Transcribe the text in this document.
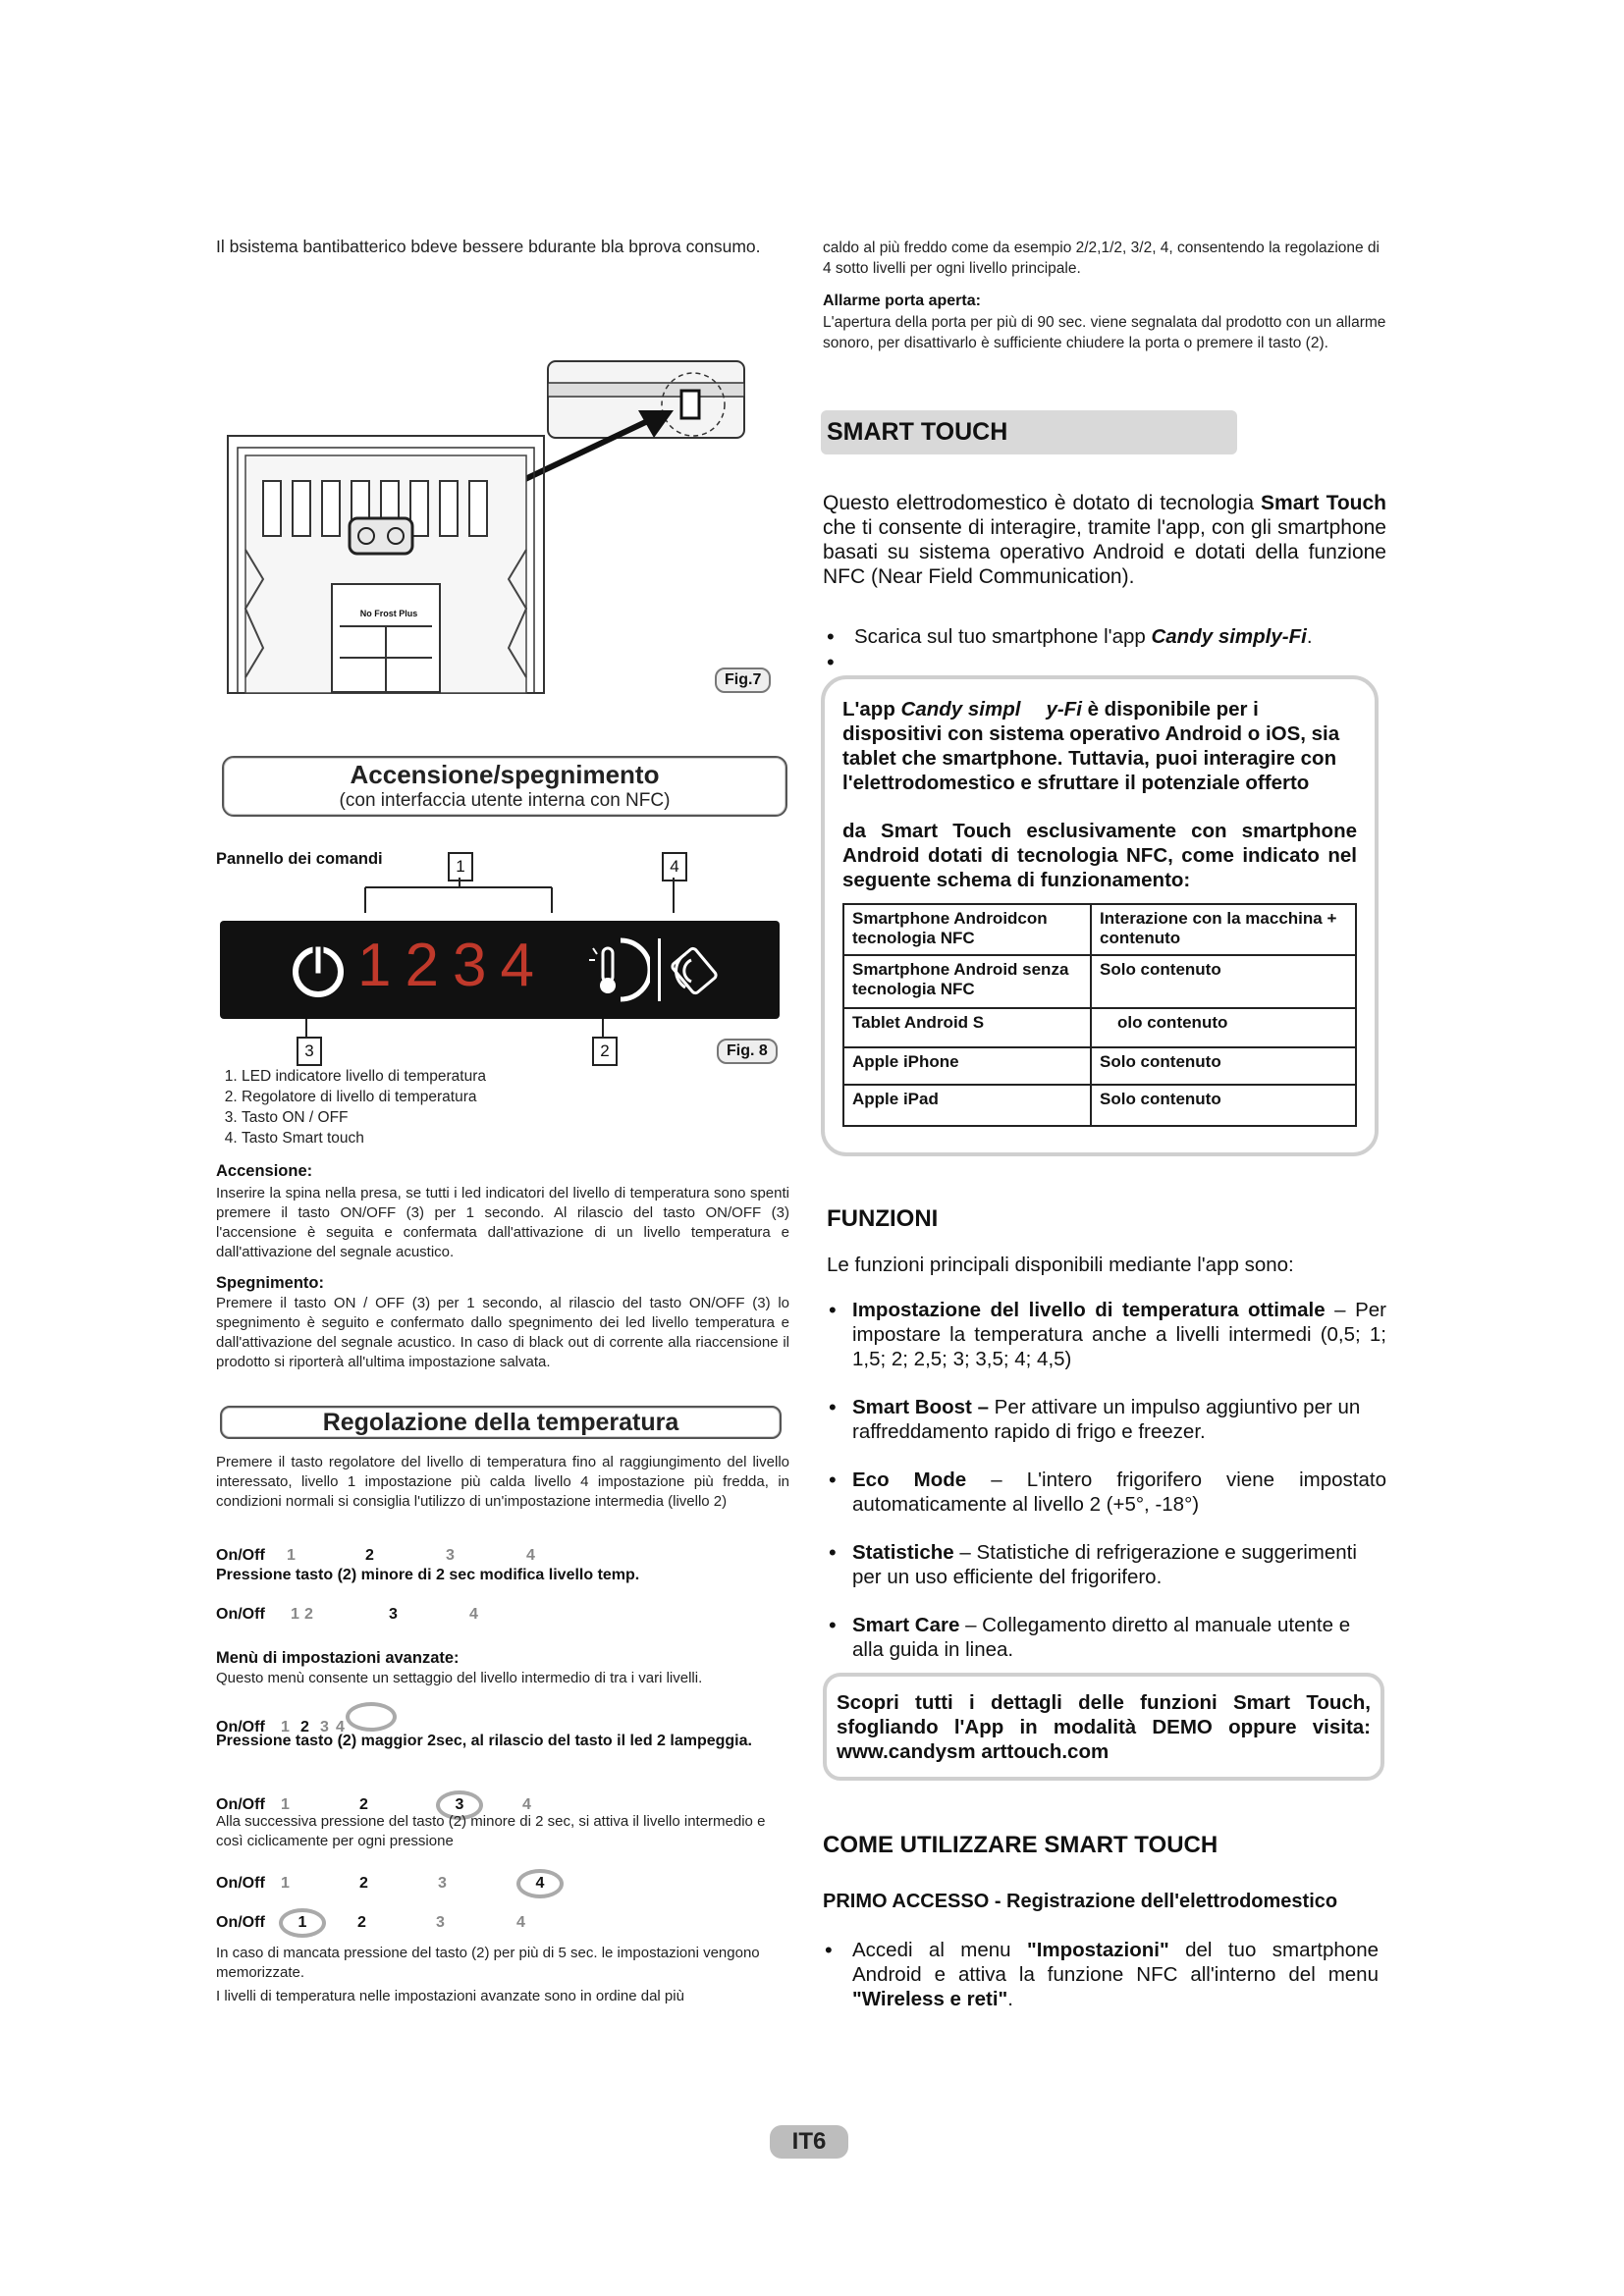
Il bsistema bantibatterico bdeve bessere bdurante bla bprova consumo.
No Frost Plus
Fig.7
Accensione/spegnimento
(con interfaccia utente interna con NFC)
Pannello dei comandi	1	4
1234
3	2	Fig. 8
1. LED indicatore livello di temperatura
2. Regolatore di livello di temperatura
3. Tasto ON / OFF
4. Tasto Smart touch
Accensione:
Inserire la spina nella presa, se tutti i led indicatori del livello di temperatura sono spenti premere il tasto ON/OFF (3) per 1 secondo. Al rilascio del tasto ON/OFF (3) l'accensione è seguita e confermata dall'attivazione di un livello temperatura e dall'attivazione del segnale acustico.
Spegnimento:
Premere il tasto ON / OFF (3) per 1 secondo, al rilascio del tasto ON/OFF (3) lo spegnimento è seguito e confermato dallo spegnimento dei led livello temperatura e dall'attivazione del segnale acustico. In caso di black out di corrente alla riaccensione il prodotto si riporterà all'ultima impostazione salvata.
Regolazione della temperatura
Premere il tasto regolatore del livello di temperatura fino al raggiungimento del livello interessato, livello 1 impostazione più calda livello 4 impostazione più fredda, in condizioni normali si consiglia l'utilizzo di un'impostazione intermedia (livello 2)
On/Off 1	2	3	4
Pressione tasto (2) minore di 2 sec modifica livello temp.
On/Off 1 2	3	4
Menù di impostazioni avanzate:
Questo menù consente un settaggio del livello intermedio di tra i vari livelli.
On/Off 1 2 3 4
Pressione tasto (2) maggior 2sec, al rilascio del tasto il led 2 lampeggia.
On/Off 1	2	3	4
Alla successiva pressione del tasto (2) minore di 2 sec, si attiva il livello intermedio e così ciclicamente per ogni pressione
On/Off 1	2	3	4
On/Off 1	2	3	4
In caso di mancata pressione del tasto (2) per più di 5 sec. le impostazioni vengono memorizzate.
I livelli di temperatura nelle impostazioni avanzate sono in ordine dal più
caldo al più freddo come da esempio 2/2,1/2, 3/2, 4, consentendo la regolazione di 4 sotto livelli per ogni livello principale.
Allarme porta aperta:
L'apertura della porta per più di 90 sec. viene segnalata dal prodotto con un allarme sonoro, per disattivarlo è sufficiente chiudere la porta o premere il tasto (2).
SMART TOUCH
Questo elettrodomestico è dotato di tecnologia Smart Touch che ti consente di interagire, tramite l'app, con gli smartphone basati su sistema operativo Android e dotati della funzione NFC (Near Field Communication).
• Scarica sul tuo smartphone l'app Candy simply-Fi.
•
L'app Candy simpl y-Fi è disponibile per i dispositivi con sistema operativo Android o iOS, sia tablet che smartphone. Tuttavia, puoi interagire con l'elettrodomestico e sfruttare il potenziale offerto
da Smart Touch esclusivamente con smartphone Android dotati di tecnologia NFC, come indicato nel seguente schema di funzionamento:
Smartphone Androidcon tecnologia NFC	Interazione con la macchina + contenuto
Smartphone Android senza tecnologia NFC	Solo contenuto
Tablet Android S	olo contenuto
Apple iPhone	Solo contenuto
Apple iPad	Solo contenuto
FUNZIONI
Le funzioni principali disponibili mediante l'app sono:
• Impostazione del livello di temperatura ottimale – Per impostare la temperatura anche a livelli intermedi (0,5; 1; 1,5; 2; 2,5; 3; 3,5; 4; 4,5)
• Smart Boost – Per attivare un impulso aggiuntivo per un raffreddamento rapido di frigo e freezer.
• Eco Mode – L'intero frigorifero viene impostato automaticamente al livello 2 (+5°, -18°)
• Statistiche – Statistiche di refrigerazione e suggerimenti per un uso efficiente del frigorifero.
• Smart Care – Collegamento diretto al manuale utente e alla guida in linea.
Scopri tutti i dettagli delle funzioni Smart Touch, sfogliando l'App in modalità DEMO oppure visita: www.candysm arttouch.com
COME UTILIZZARE SMART TOUCH
PRIMO ACCESSO - Registrazione dell'elettrodomestico
• Accedi al menu "Impostazioni" del tuo smartphone Android e attiva la funzione NFC all'interno del menu "Wireless e reti".
IT6
